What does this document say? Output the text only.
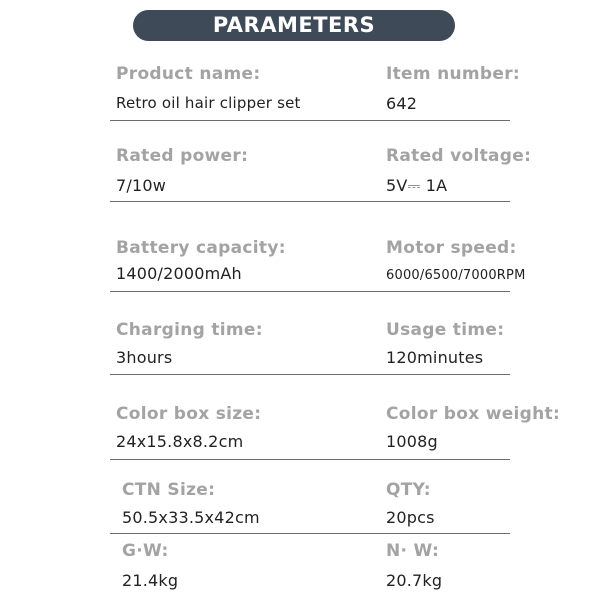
PARAMETERS
Product name:
Retro oil hair clipper set
Item number:
642
Rated power:
7/10w
Rated voltage:
5V⎓ 1A
Battery capacity:
1400/2000mAh
Motor speed:
6000/6500/7000RPM
Charging time:
3hours
Usage time:
120minutes
Color box size:
24x15.8x8.2cm
Color box weight:
1008g
CTN Size:
50.5x33.5x42cm
QTY:
20pcs
G·W:
21.4kg
N· W:
20.7kg
